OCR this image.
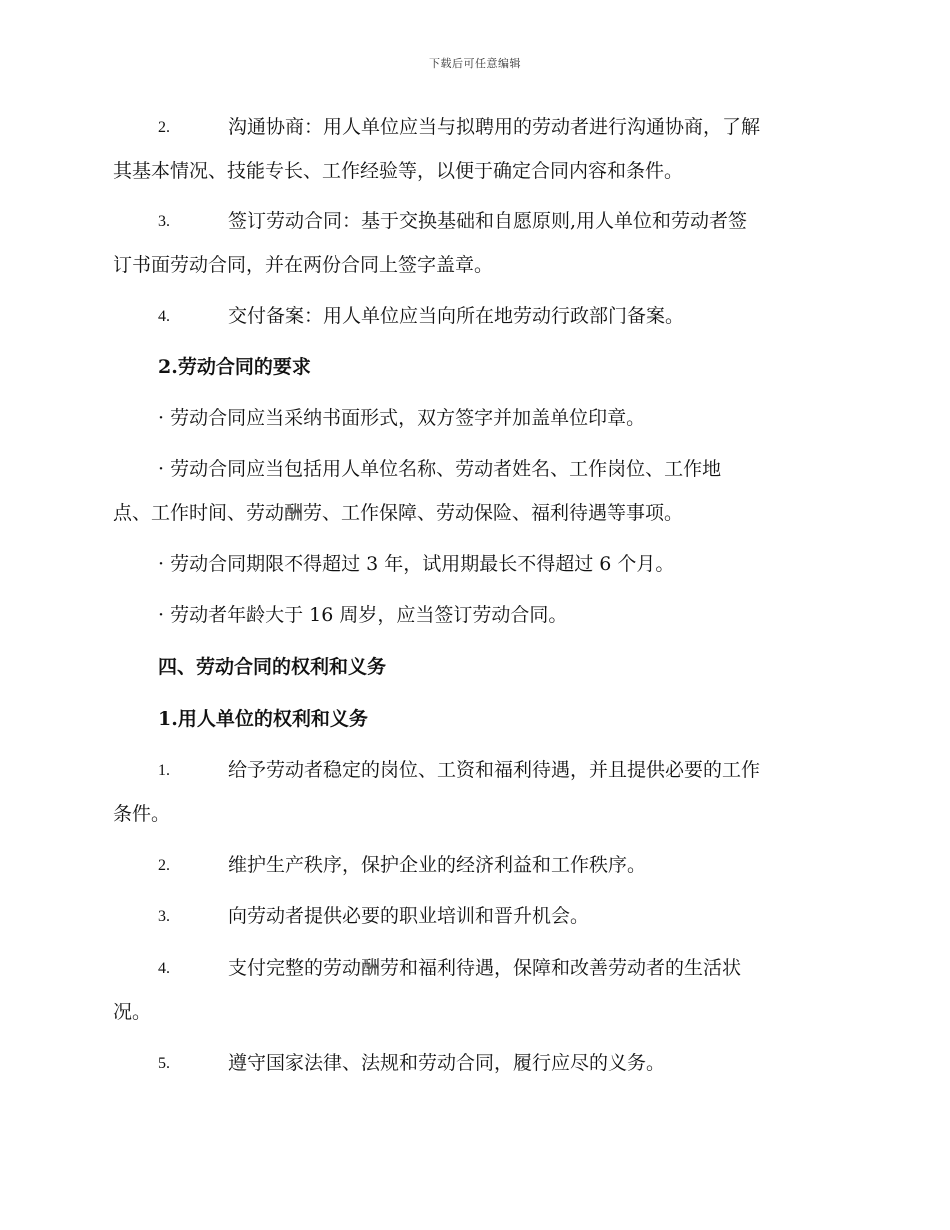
下载后可任意编辑
2.	沟通协商：用人单位应当与拟聘用的劳动者进行沟通协商，了解
其基本情况、技能专长、工作经验等，以便于确定合同内容和条件。
3.	签订劳动合同：基于交换基础和自愿原则,用人单位和劳动者签
订书面劳动合同，并在两份合同上签字盖章。
4.	交付备案：用人单位应当向所在地劳动行政部门备案。
2.劳动合同的要求
· 劳动合同应当采纳书面形式，双方签字并加盖单位印章。
· 劳动合同应当包括用人单位名称、劳动者姓名、工作岗位、工作地
点、工作时间、劳动酬劳、工作保障、劳动保险、福利待遇等事项。
· 劳动合同期限不得超过 3 年，试用期最长不得超过 6 个月。
· 劳动者年龄大于 16 周岁，应当签订劳动合同。
四、劳动合同的权利和义务
1.用人单位的权利和义务
1.	给予劳动者稳定的岗位、工资和福利待遇，并且提供必要的工作
条件。
2.	维护生产秩序，保护企业的经济利益和工作秩序。
3.	向劳动者提供必要的职业培训和晋升机会。
4.	支付完整的劳动酬劳和福利待遇，保障和改善劳动者的生活状
况。
5.	遵守国家法律、法规和劳动合同，履行应尽的义务。
